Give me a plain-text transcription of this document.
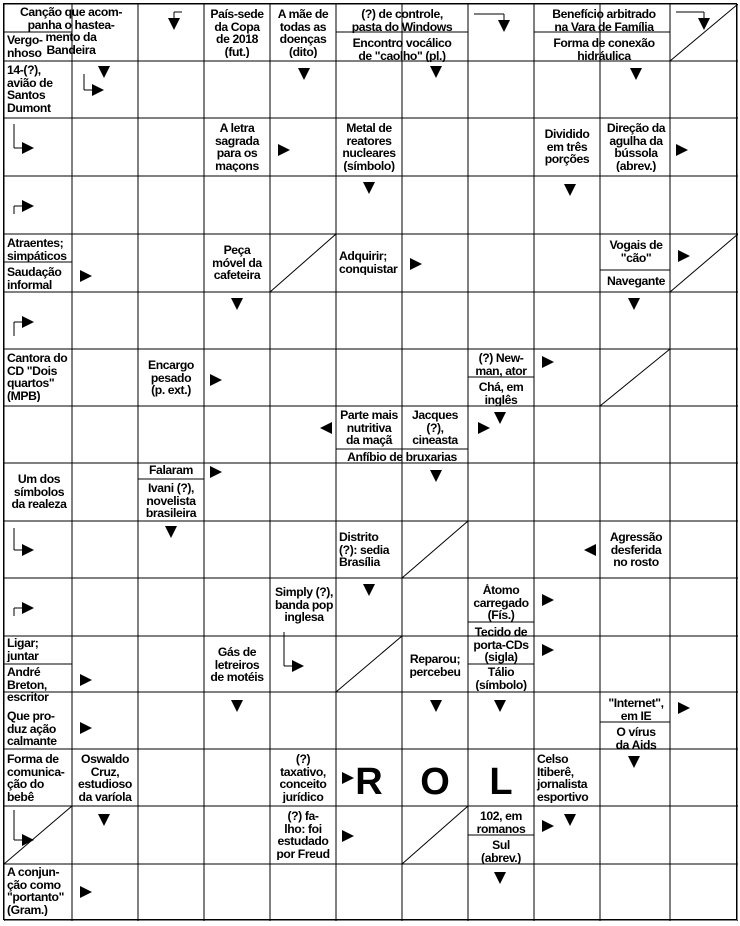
Canção que acom-
panha o hastea-
mento da
Bandeira
Vergo-
nhoso
14-(?),
avião de
Santos
Dumont
País-sede
da Copa
de 2018
(fut.)
A mãe de
todas as
doenças
(dito)
(?) de controle,
pasta do Windows
Encontro vocálico
de "caolho" (pl.)
Benefício arbitrado
na Vara de Família
Forma de conexão
hidráulica
A letra
sagrada
para os
maçons
Metal de
reatores
nucleares
(símbolo)
Dividido
em três
porções
Direção da
agulha da
bússola
(abrev.)
Atraentes;
simpáticos
Saudação
informal
Peça
móvel da
cafeteira
Adquirir;
conquistar
Vogais de
"cão"
Navegante
Cantora do
CD "Dois
quartos"
(MPB)
Encargo
pesado
(p. ext.)
(?) New-
man, ator
Chá, em
inglês
Parte mais
nutritiva
da maçã
Jacques
(?),
cineasta
Anfíbio de bruxarias
Um dos
símbolos
da realeza
Falaram
Ivani (?),
novelista
brasileira
Distrito
(?): sedia
Brasília
Agressão
desferida
no rosto
Simply (?),
banda pop
inglesa
Átomo
carregado
(Fís.)
Tecido de
porta-CDs
(sigla)
Ligar;
juntar
André
Breton,
escritor
Gás de
letreiros
de motéis
Reparou;
percebeu	Tálio
(símbolo)
"Internet",
em IE
O vírus
da Aids
Que pro-
duz ação
calmante
Forma de
comunica-
ção do
bebê
Oswaldo
Cruz,
estudioso
da varíola
(?)
taxativo,
conceito
jurídico
Celso
Itiberê,
jornalista
esportivo
R O	L
(?) fa-
lho: foi
estudado
por Freud
102, em
romanos
Sul
(abrev.)
A conjun-
ção como
"portanto"
(Gram.)
